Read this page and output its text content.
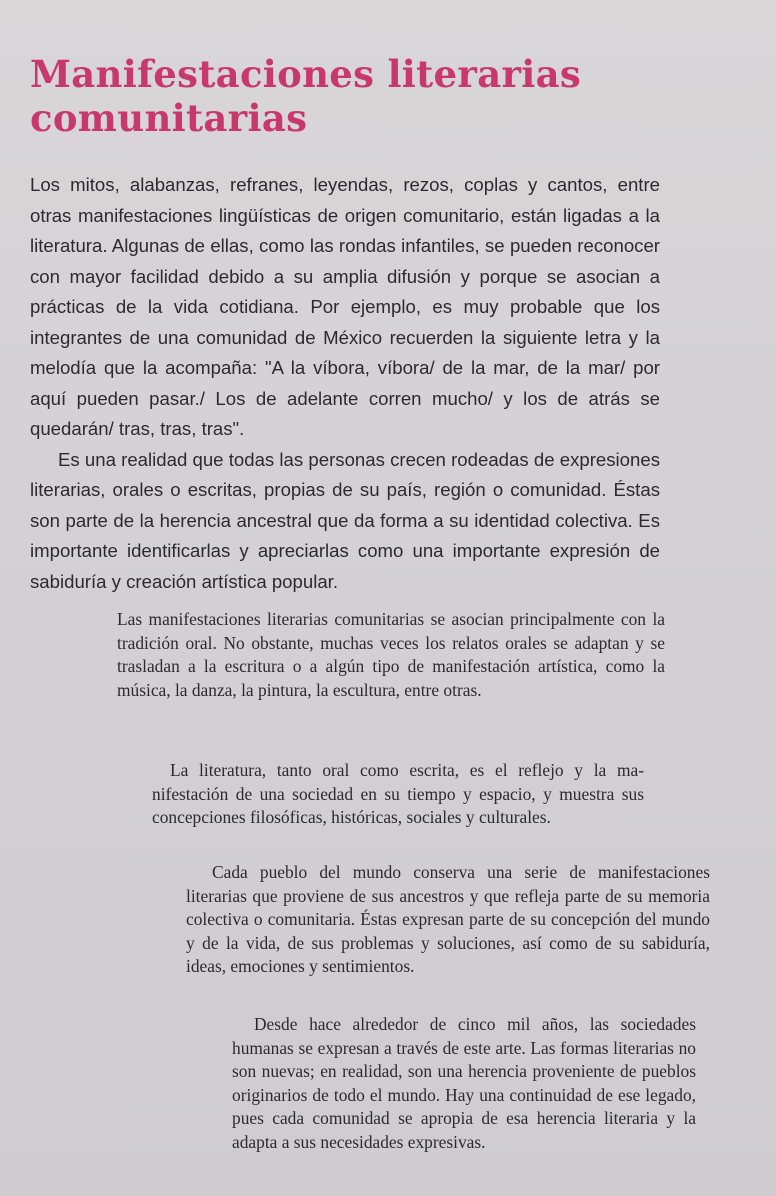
Manifestaciones literarias comunitarias

Los mitos, alabanzas, refranes, leyendas, rezos, coplas y cantos, entre otras manifestaciones lingüísticas de origen comunitario, están ligadas a la literatura. Algunas de ellas, como las rondas infantiles, se pueden reconocer con mayor facilidad debido a su amplia difusión y porque se asocian a prácticas de la vida cotidiana. Por ejemplo, es muy probable que los integrantes de una comunidad de México recuerden la siguiente letra y la melodía que la acompaña: "A la víbora, víbora/ de la mar, de la mar/ por aquí pueden pasar./ Los de adelante corren mucho/ y los de atrás se quedarán/ tras, tras, tras".

Es una realidad que todas las personas crecen rodeadas de expresiones literarias, orales o escritas, propias de su país, región o comunidad. Éstas son parte de la herencia ancestral que da forma a su identidad colectiva. Es importante identificarlas y apreciarlas como una importante expresión de sabiduría y creación artística popular.

Las manifestaciones literarias comunitarias se asocian principalmente con la tradición oral. No obstante, muchas veces los relatos orales se adaptan y se trasladan a la escritura o a algún tipo de manifestación artística, como la música, la danza, la pintura, la escultura, entre otras.

La literatura, tanto oral como escrita, es el reflejo y la manifestación de una sociedad en su tiempo y espacio, y muestra sus concepciones filosóficas, históricas, sociales y culturales.

Cada pueblo del mundo conserva una serie de manifestaciones literarias que proviene de sus ancestros y que refleja parte de su memoria colectiva o comunitaria. Éstas expresan parte de su concepción del mundo y de la vida, de sus problemas y soluciones, así como de su sabiduría, ideas, emociones y sentimientos.

Desde hace alrededor de cinco mil años, las sociedades humanas se expresan a través de este arte. Las formas literarias no son nuevas; en realidad, son una herencia proveniente de pueblos originarios de todo el mundo. Hay una continuidad de ese legado, pues cada comunidad se apropia de esa herencia literaria y la adapta a sus necesidades expresivas.
